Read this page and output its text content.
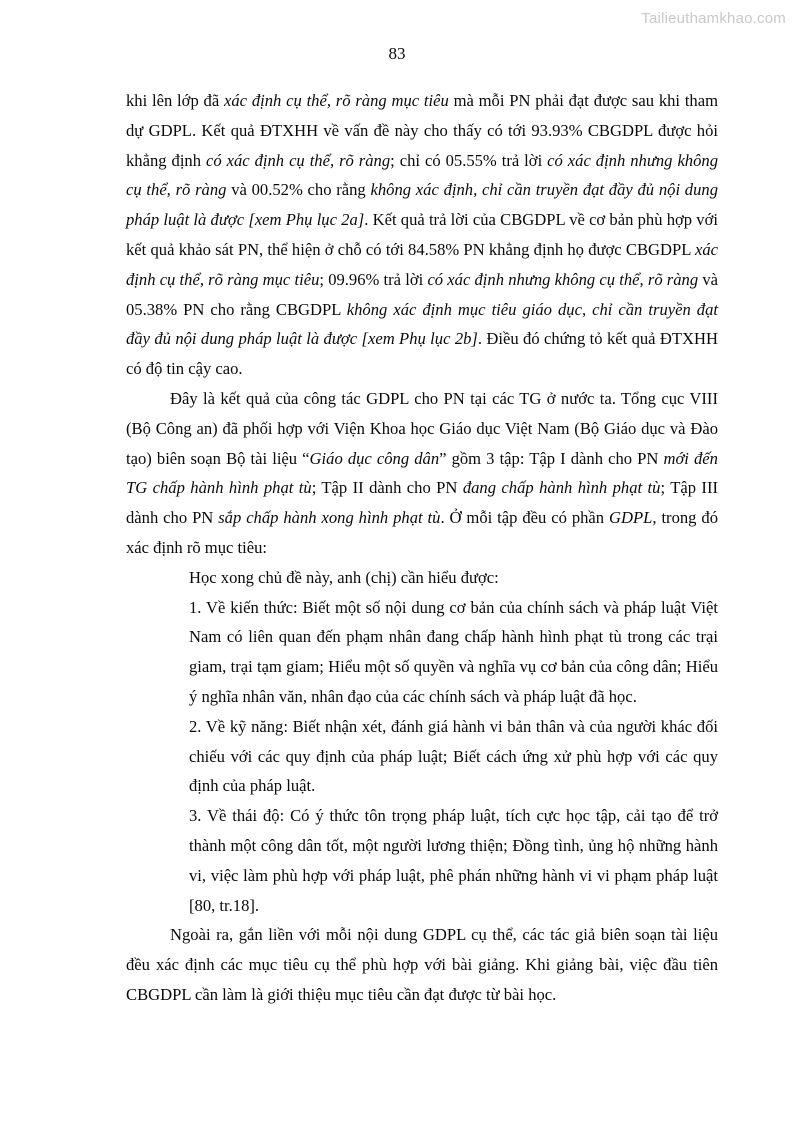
Tailieuthamkhao.com
83

khi lên lớp đã xác định cụ thể, rõ ràng mục tiêu mà mỗi PN phải đạt được sau khi tham dự GDPL. Kết quả ĐTXHH về vấn đề này cho thấy có tới 93.93% CBGDPL được hỏi khẳng định có xác định cụ thể, rõ ràng; chỉ có 05.55% trả lời có xác định nhưng không cụ thể, rõ ràng và 00.52% cho rằng không xác định, chỉ cần truyền đạt đầy đủ nội dung pháp luật là được [xem Phụ lục 2a]. Kết quả trả lời của CBGDPL về cơ bản phù hợp với kết quả khảo sát PN, thể hiện ở chỗ có tới 84.58% PN khẳng định họ được CBGDPL xác định cụ thể, rõ ràng mục tiêu; 09.96% trả lời có xác định nhưng không cụ thể, rõ ràng và 05.38% PN cho rằng CBGDPL không xác định mục tiêu giáo dục, chỉ cần truyền đạt đầy đủ nội dung pháp luật là được [xem Phụ lục 2b]. Điều đó chứng tỏ kết quả ĐTXHH có độ tin cậy cao.

Đây là kết quả của công tác GDPL cho PN tại các TG ở nước ta. Tổng cục VIII (Bộ Công an) đã phối hợp với Viện Khoa học Giáo dục Việt Nam (Bộ Giáo dục và Đào tạo) biên soạn Bộ tài liệu “Giáo dục công dân” gồm 3 tập: Tập I dành cho PN mới đến TG chấp hành hình phạt tù; Tập II dành cho PN đang chấp hành hình phạt tù; Tập III dành cho PN sắp chấp hành xong hình phạt tù. Ở mỗi tập đều có phần GDPL, trong đó xác định rõ mục tiêu:

Học xong chủ đề này, anh (chị) cần hiểu được:

1. Về kiến thức: Biết một số nội dung cơ bản của chính sách và pháp luật Việt Nam có liên quan đến phạm nhân đang chấp hành hình phạt tù trong các trại giam, trại tạm giam; Hiểu một số quyền và nghĩa vụ cơ bản của công dân; Hiểu ý nghĩa nhân văn, nhân đạo của các chính sách và pháp luật đã học.

2. Về kỹ năng: Biết nhận xét, đánh giá hành vi bản thân và của người khác đối chiếu với các quy định của pháp luật; Biết cách ứng xử phù hợp với các quy định của pháp luật.

3. Về thái độ: Có ý thức tôn trọng pháp luật, tích cực học tập, cải tạo để trở thành một công dân tốt, một người lương thiện; Đồng tình, ủng hộ những hành vi, việc làm phù hợp với pháp luật, phê phán những hành vi vi phạm pháp luật [80, tr.18].

Ngoài ra, gắn liền với mỗi nội dung GDPL cụ thể, các tác giả biên soạn tài liệu đều xác định các mục tiêu cụ thể phù hợp với bài giảng. Khi giảng bài, việc đầu tiên CBGDPL cần làm là giới thiệu mục tiêu cần đạt được từ bài học.
